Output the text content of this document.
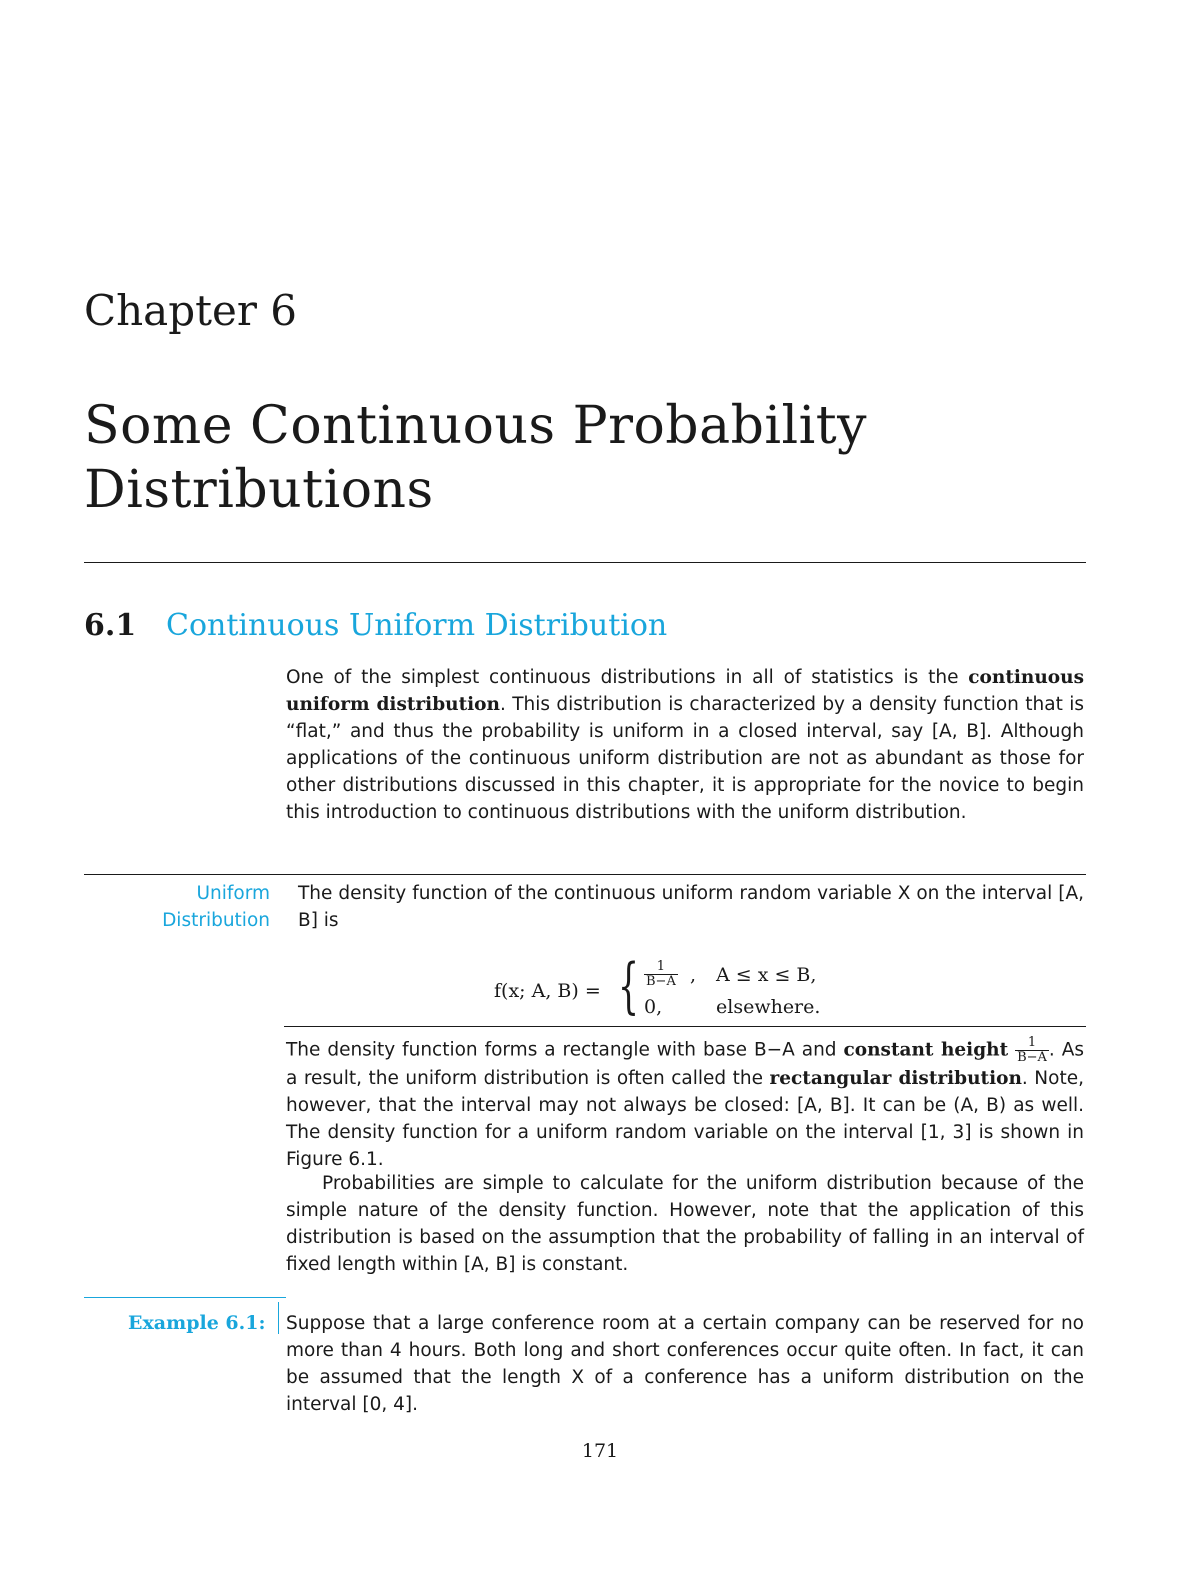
Chapter 6
Some Continuous Probability
Distributions
6.1 Continuous Uniform Distribution
One of the simplest continuous distributions in all of statistics is the continuous uniform distribution. This distribution is characterized by a density function that is “flat,” and thus the probability is uniform in a closed interval, say [A, B]. Although applications of the continuous uniform distribution are not as abundant as those for other distributions discussed in this chapter, it is appropriate for the novice to begin this introduction to continuous distributions with the uniform distribution.
Uniform
Distribution
The density function of the continuous uniform random variable X on the interval [A, B] is
f(x; A, B) = { $\frac{1}{B-A}$ , A ≤ x ≤ B,
0,	elsewhere.
The density function forms a rectangle with base B−A and constant height $\frac{1}{B-A}$ . As a result, the uniform distribution is often called the rectangular distribution. Note, however, that the interval may not always be closed: [A, B]. It can be (A, B) as well. The density function for a uniform random variable on the interval [1, 3] is shown in Figure 6.1.
Probabilities are simple to calculate for the uniform distribution because of the simple nature of the density function. However, note that the application of this distribution is based on the assumption that the probability of falling in an interval of fixed length within [A, B] is constant.
Example 6.1: Suppose that a large conference room at a certain company can be reserved for no more than 4 hours. Both long and short conferences occur quite often. In fact, it can be assumed that the length X of a conference has a uniform distribution on the interval [0, 4].
171
